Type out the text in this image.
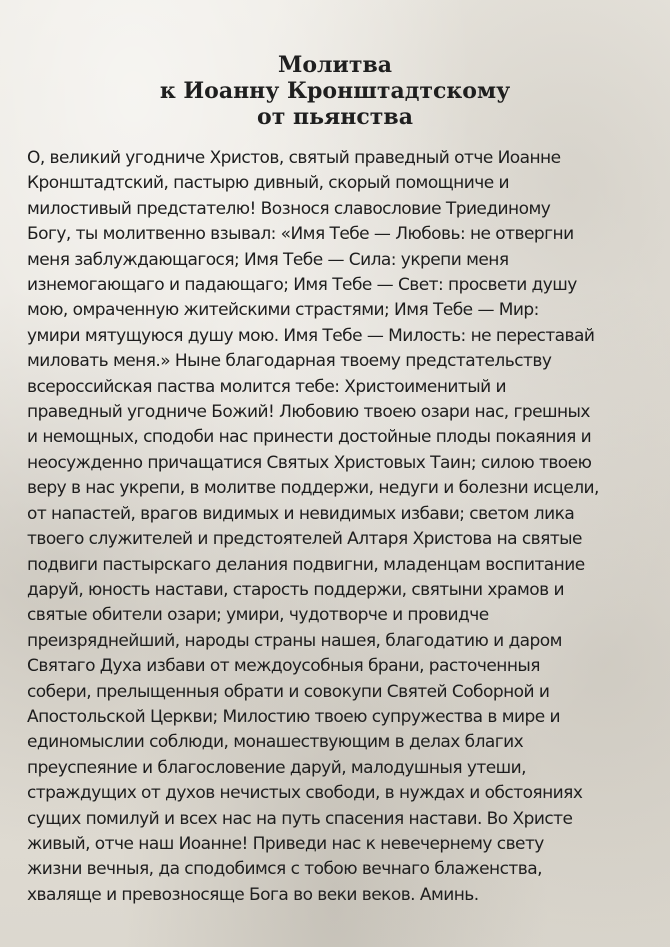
Молитва
к Иоанну Кронштадтскому
от пьянства
О, великий угодниче Христов, святый праведный отче Иоанне
Кронштадтский, пастырю дивный, скорый помощниче и
милостивый предстателю! Вознося славословие Триединому
Богу, ты молитвенно взывал: «Имя Тебе — Любовь: не отвергни
меня заблуждающагося; Имя Тебе — Сила: укрепи меня
изнемогающаго и падающаго; Имя Тебе — Свет: просвети душу
мою, омраченную житейскими страстями; Имя Тебе — Мир:
умири мятущуюся душу мою. Имя Тебе — Милость: не переставай
миловать меня.» Ныне благодарная твоему предстательству
всероссийская паства молится тебе: Христоименитый и
праведный угодниче Божий! Любовию твоею озари нас, грешных
и немощных, сподоби нас принести достойные плоды покаяния и
неосужденно причащатися Святых Христовых Таин; силою твоею
веру в нас укрепи, в молитве поддержи, недуги и болезни исцели,
от напастей, врагов видимых и невидимых избави; светом лика
твоего служителей и предстоятелей Алтаря Христова на святые
подвиги пастырскаго делания подвигни, младенцам воспитание
даруй, юность настави, старость поддержи, святыни храмов и
святые обители озари; умири, чудотворче и провидче
преизряднейший, народы страны нашея, благодатию и даром
Святаго Духа избави от междоусобныя брани, расточенныя
собери, прелыщенныя обрати и совокупи Святей Соборной и
Апостольской Церкви; Милостию твоею супружества в мире и
единомыслии соблюди, монашествующим в делах благих
преуспеяние и благословение даруй, малодушныя утеши,
страждущих от духов нечистых свободи, в нуждах и обстояниях
сущих помилуй и всех нас на путь спасения настави. Во Христе
живый, отче наш Иоанне! Приведи нас к невечернему свету
жизни вечныя, да сподобимся с тобою вечнаго блаженства,
хваляще и превозносяще Бога во веки веков. Аминь.
